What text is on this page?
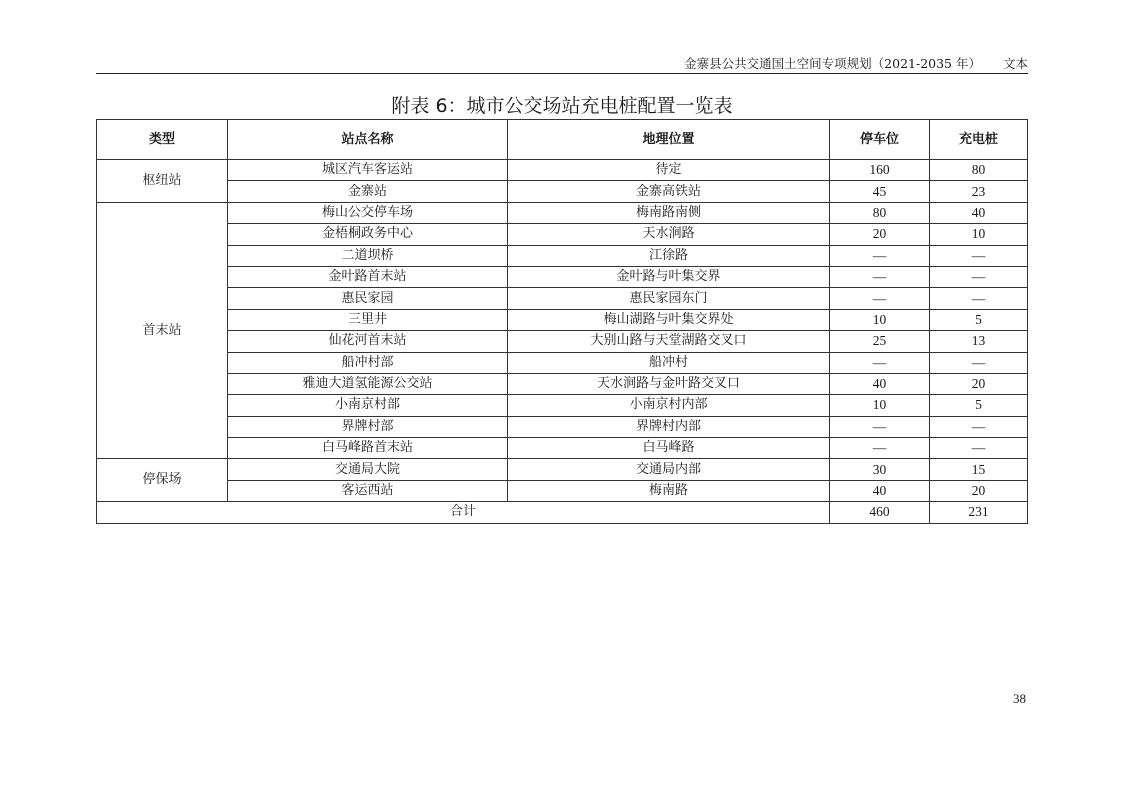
金寨县公共交通国土空间专项规划（2021-2035 年） 文本
附表 6：城市公交场站充电桩配置一览表
类型	站点名称	地理位置	停车位	充电桩
枢纽站	城区汽车客运站	待定	160	80
	金寨站	金寨高铁站	45	23
首末站	梅山公交停车场	梅南路南侧	80	40
	金梧桐政务中心	天水涧路	20	10
	二道坝桥	江徐路	—	—
	金叶路首末站	金叶路与叶集交界	—	—
	惠民家园	惠民家园东门	—	—
	三里井	梅山湖路与叶集交界处	10	5
	仙花河首末站	大别山路与天堂湖路交叉口	25	13
	船冲村部	船冲村	—	—
	雅迪大道氢能源公交站	天水涧路与金叶路交叉口	40	20
	小南京村部	小南京村内部	10	5
	界牌村部	界牌村内部	—	—
	白马峰路首末站	白马峰路	—	—
停保场	交通局大院	交通局内部	30	15
	客运西站	梅南路	40	20
合计			460	231
38
